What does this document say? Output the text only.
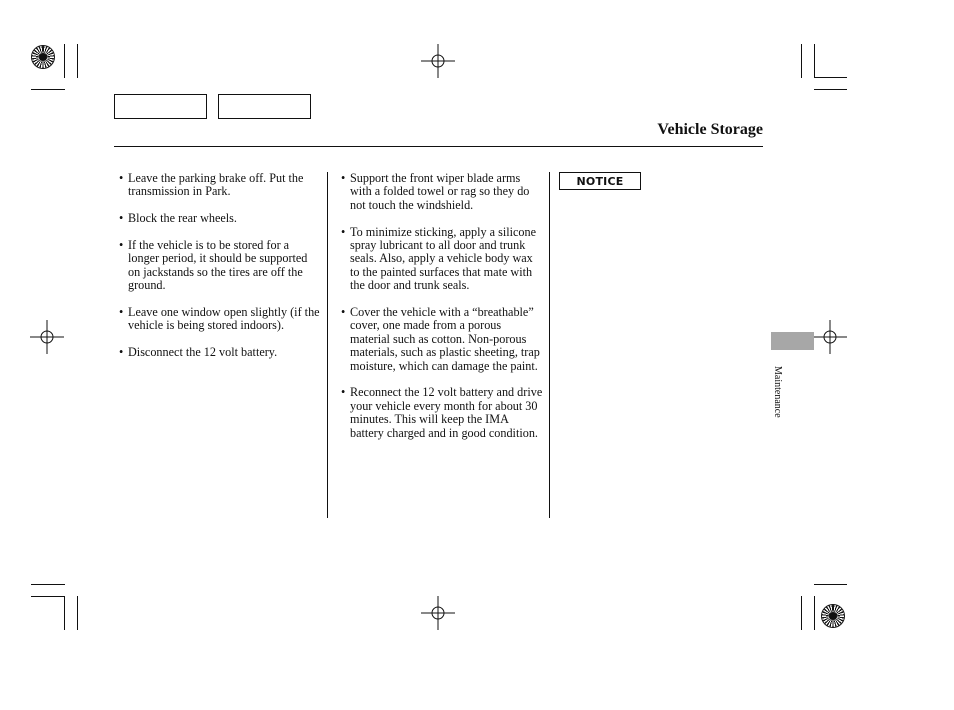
Vehicle Storage
• Leave the parking brake off. Put the transmission in Park.
• Block the rear wheels.
• If the vehicle is to be stored for a longer period, it should be supported on jackstands so the tires are off the ground.
• Leave one window open slightly (if the vehicle is being stored indoors).
• Disconnect the 12 volt battery.
• Support the front wiper blade arms with a folded towel or rag so they do not touch the windshield.
• To minimize sticking, apply a silicone spray lubricant to all door and trunk seals. Also, apply a vehicle body wax to the painted surfaces that mate with the door and trunk seals.
• Cover the vehicle with a “breathable” cover, one made from a porous material such as cotton. Non-porous materials, such as plastic sheeting, trap moisture, which can damage the paint.
• Reconnect the 12 volt battery and drive your vehicle every month for about 30 minutes. This will keep the IMA battery charged and in good condition.
NOTICE
Maintenance
